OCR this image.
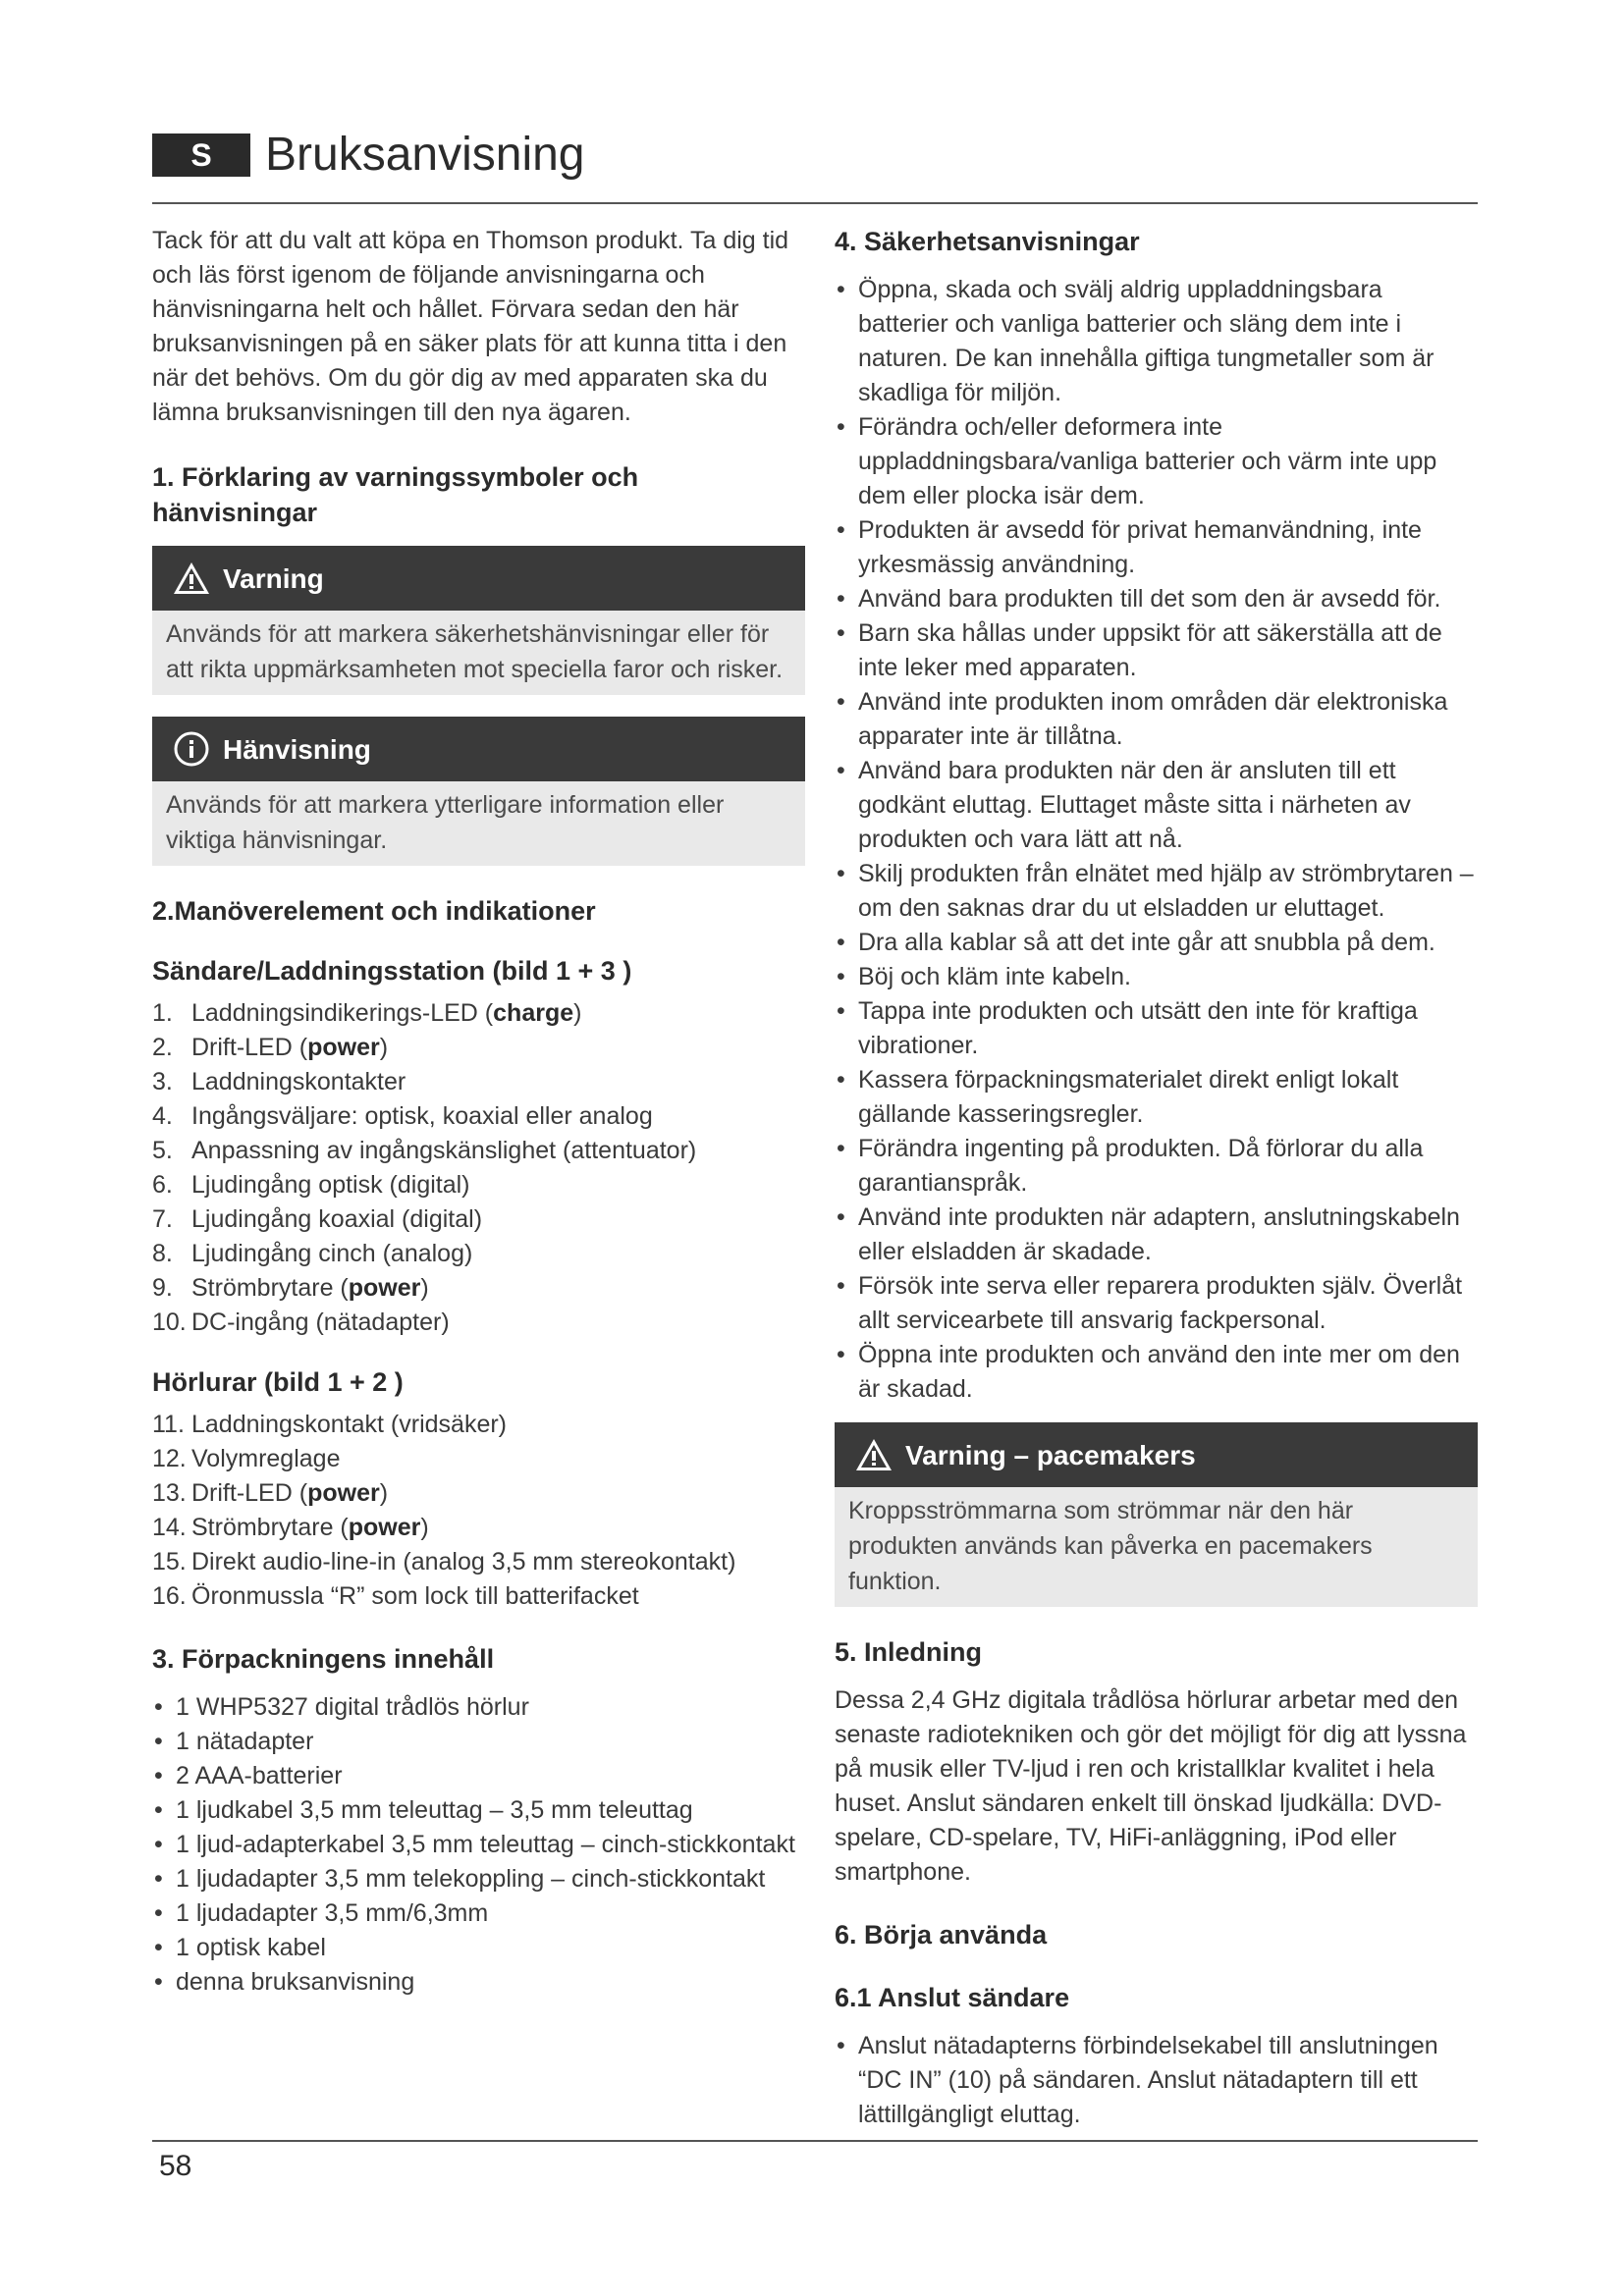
S	Bruksanvisning

Tack för att du valt att köpa en Thomson produkt. Ta dig tid och läs först igenom de följande anvisningarna och hänvisningarna helt och hållet. Förvara sedan den här bruksanvisningen på en säker plats för att kunna titta i den när det behövs. Om du gör dig av med apparaten ska du lämna bruksanvisningen till den nya ägaren.

1. Förklaring av varningssymboler och hänvisningar

Varning
Används för att markera säkerhetshänvisningar eller för att rikta uppmärksamheten mot speciella faror och risker.
Hänvisning
Används för att markera ytterligare information eller viktiga hänvisningar.

2.Manöverelement och indikationer

Sändare/Laddningsstation (bild 1 + 3 )

1. Laddningsindikerings-LED (charge)
2. Drift-LED (power)
3. Laddningskontakter
4. Ingångsväljare: optisk, koaxial eller analog
5. Anpassning av ingångskänslighet (attentuator)
6. Ljudingång optisk (digital)
7. Ljudingång koaxial (digital)
8. Ljudingång cinch (analog)
9. Strömbrytare (power)
10. DC-ingång (nätadapter)

Hörlurar (bild 1 + 2 )

11. Laddningskontakt (vridsäker)
12. Volymreglage
13. Drift-LED (power)
14. Strömbrytare (power)
15. Direkt audio-line-in (analog 3,5 mm stereokontakt)
16. Öronmussla “R” som lock till batterifacket

3. Förpackningens innehåll

• 1 WHP5327 digital trådlös hörlur
• 1 nätadapter
• 2 AAA-batterier
• 1 ljudkabel 3,5 mm teleuttag – 3,5 mm teleuttag
• 1 ljud-adapterkabel 3,5 mm teleuttag – cinch-stickkontakt
• 1 ljudadapter 3,5 mm telekoppling – cinch-stickkontakt
• 1 ljudadapter 3,5 mm/6,3mm
• 1 optisk kabel
• denna bruksanvisning

4. Säkerhetsanvisningar

• Öppna, skada och svälj aldrig uppladdningsbara batterier och vanliga batterier och släng dem inte i naturen. De kan innehålla giftiga tungmetaller som är skadliga för miljön.
• Förändra och/eller deformera inte uppladdningsbara/vanliga batterier och värm inte upp dem eller plocka isär dem.
• Produkten är avsedd för privat hemanvändning, inte yrkesmässig användning.
• Använd bara produkten till det som den är avsedd för.
• Barn ska hållas under uppsikt för att säkerställa att de inte leker med apparaten.
• Använd inte produkten inom områden där elektroniska apparater inte är tillåtna.
• Använd bara produkten när den är ansluten till ett godkänt eluttag. Eluttaget måste sitta i närheten av produkten och vara lätt att nå.
• Skilj produkten från elnätet med hjälp av strömbrytaren – om den saknas drar du ut elsladden ur eluttaget.
• Dra alla kablar så att det inte går att snubbla på dem.
• Böj och kläm inte kabeln.
• Tappa inte produkten och utsätt den inte för kraftiga vibrationer.
• Kassera förpackningsmaterialet direkt enligt lokalt gällande kasseringsregler.
• Förändra ingenting på produkten. Då förlorar du alla garantianspråk.
• Använd inte produkten när adaptern, anslutningskabeln eller elsladden är skadade.
• Försök inte serva eller reparera produkten själv. Överlåt allt servicearbete till ansvarig fackpersonal.
• Öppna inte produkten och använd den inte mer om den är skadad.
Varning – pacemakers
Kroppsströmmarna som strömmar när den här produkten används kan påverka en pacemakers funktion.

5. Inledning

Dessa 2,4 GHz digitala trådlösa hörlurar arbetar med den senaste radiotekniken och gör det möjligt för dig att lyssna på musik eller TV-ljud i ren och kristallklar kvalitet i hela huset. Anslut sändaren enkelt till önskad ljudkälla: DVD-spelare, CD-spelare, TV, HiFi-anläggning, iPod eller smartphone.

6. Börja använda

6.1 Anslut sändare

• Anslut nätadapterns förbindelsekabel till anslutningen “DC IN” (10) på sändaren. Anslut nätadaptern till ett lättillgängligt eluttag.
58
